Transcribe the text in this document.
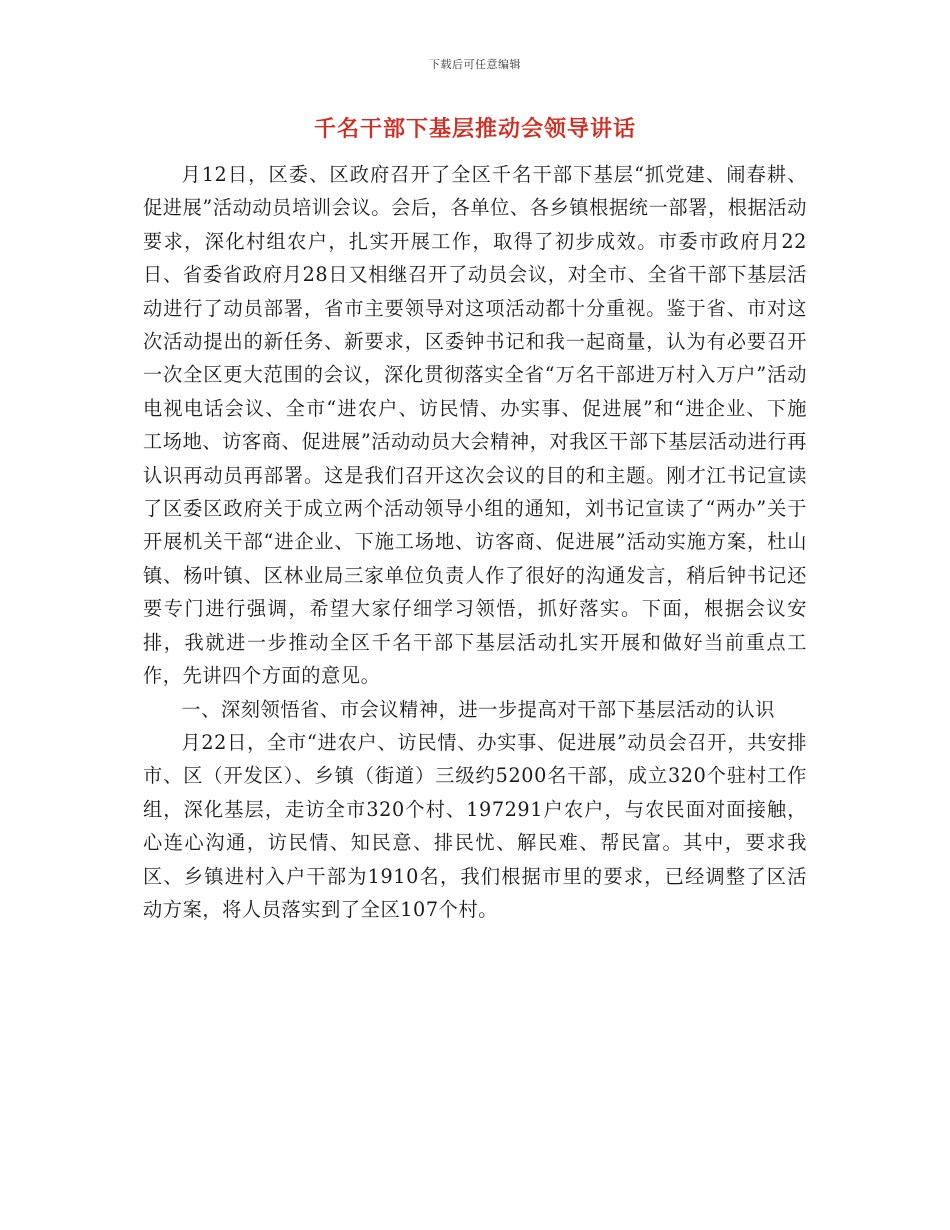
下载后可任意编辑
千名干部下基层推动会领导讲话

月12日，区委、区政府召开了全区千名干部下基层“抓党建、闹春耕、促进展”活动动员培训会议。会后，各单位、各乡镇根据统一部署，根据活动要求，深化村组农户，扎实开展工作，取得了初步成效。市委市政府月22日、省委省政府月28日又相继召开了动员会议，对全市、全省干部下基层活动进行了动员部署，省市主要领导对这项活动都十分重视。鉴于省、市对这次活动提出的新任务、新要求，区委钟书记和我一起商量，认为有必要召开一次全区更大范围的会议，深化贯彻落实全省“万名干部进万村入万户”活动电视电话会议、全市“进农户、访民情、办实事、促进展”和“进企业、下施工场地、访客商、促进展”活动动员大会精神，对我区干部下基层活动进行再认识再动员再部署。这是我们召开这次会议的目的和主题。刚才江书记宣读了区委区政府关于成立两个活动领导小组的通知，刘书记宣读了“两办”关于开展机关干部“进企业、下施工场地、访客商、促进展”活动实施方案，杜山镇、杨叶镇、区林业局三家单位负责人作了很好的沟通发言，稍后钟书记还要专门进行强调，希望大家仔细学习领悟，抓好落实。下面，根据会议安排，我就进一步推动全区千名干部下基层活动扎实开展和做好当前重点工作，先讲四个方面的意见。

一、深刻领悟省、市会议精神，进一步提高对干部下基层活动的认识

月22日，全市“进农户、访民情、办实事、促进展”动员会召开，共安排市、区（开发区）、乡镇（街道）三级约5200名干部，成立320个驻村工作组，深化基层，走访全市320个村、197291户农户，与农民面对面接触，心连心沟通，访民情、知民意、排民忧、解民难、帮民富。其中，要求我区、乡镇进村入户干部为1910名，我们根据市里的要求，已经调整了区活动方案，将人员落实到了全区107个村。
